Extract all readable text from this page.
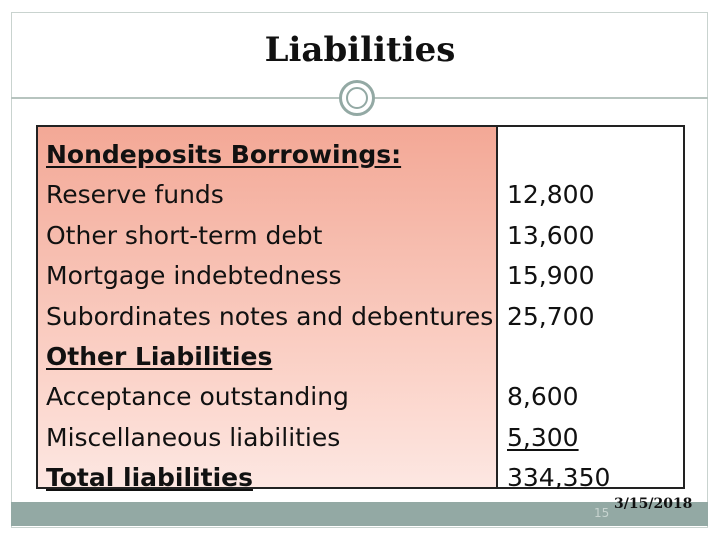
Liabilities
Nondeposits Borrowings:
Reserve funds
Other short-term debt
Mortgage indebtedness
Subordinates notes and debentures
Other Liabilities
Acceptance outstanding
Miscellaneous liabilities
Total liabilities
12,800
13,600
15,900
25,700
8,600
5,300
334,350
15
3/15/2018
